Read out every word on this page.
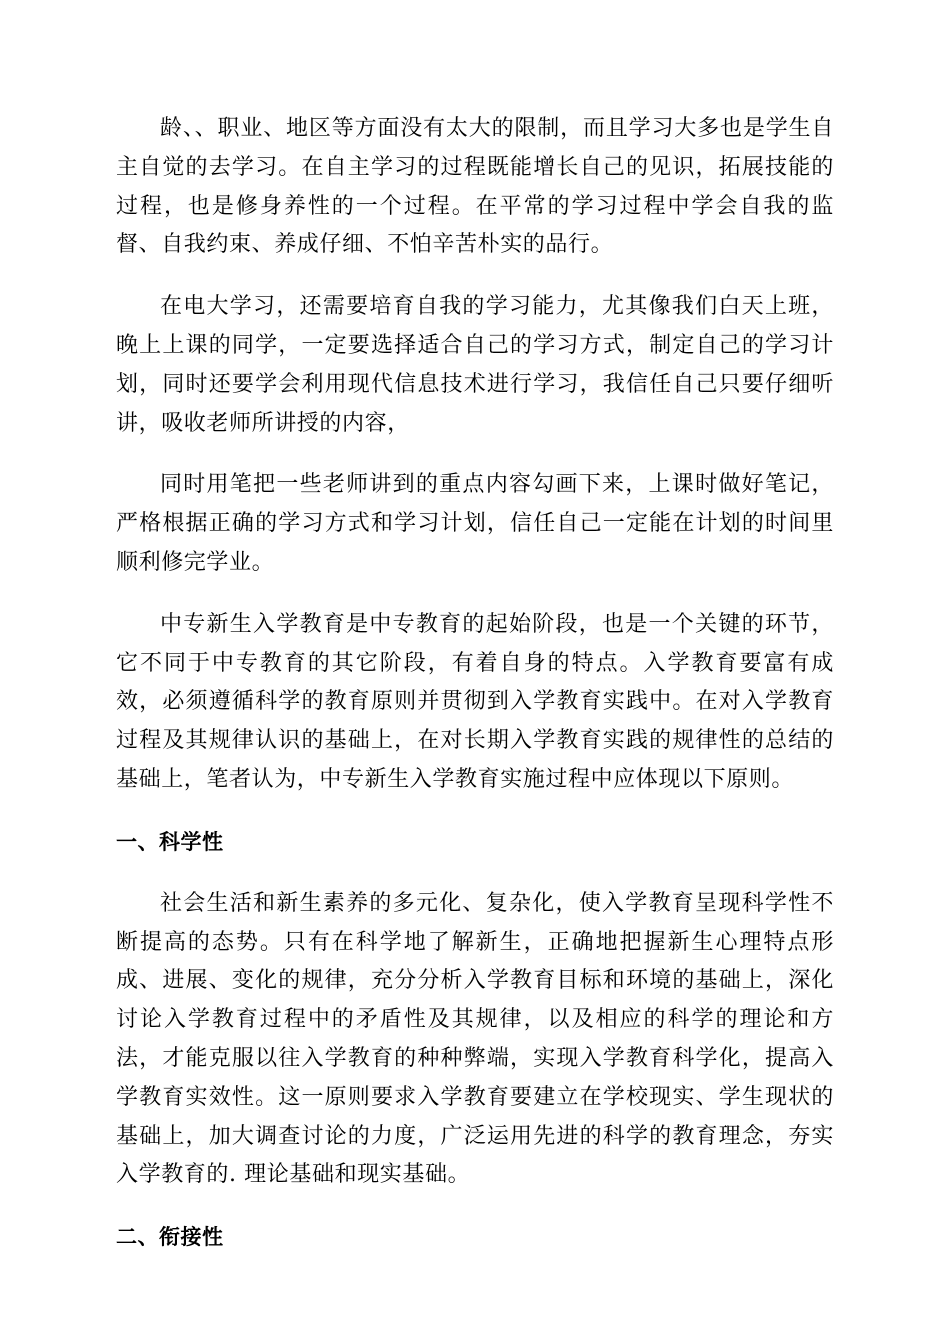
龄、、职业、地区等方面没有太大的限制，而且学习大多也是学生自主自觉的去学习。在自主学习的过程既能增长自己的见识，拓展技能的过程，也是修身养性的一个过程。在平常的学习过程中学会自我的监督、自我约束、养成仔细、不怕辛苦朴实的品行。

在电大学习，还需要培育自我的学习能力，尤其像我们白天上班，晚上上课的同学，一定要选择适合自己的学习方式，制定自己的学习计划，同时还要学会利用现代信息技术进行学习，我信任自己只要仔细听讲，吸收老师所讲授的内容，

同时用笔把一些老师讲到的重点内容勾画下来，上课时做好笔记，严格根据正确的学习方式和学习计划，信任自己一定能在计划的时间里顺利修完学业。

中专新生入学教育是中专教育的起始阶段，也是一个关键的环节，它不同于中专教育的其它阶段，有着自身的特点。入学教育要富有成效，必须遵循科学的教育原则并贯彻到入学教育实践中。在对入学教育过程及其规律认识的基础上，在对长期入学教育实践的规律性的总结的基础上，笔者认为，中专新生入学教育实施过程中应体现以下原则。

一、科学性

社会生活和新生素养的多元化、复杂化，使入学教育呈现科学性不断提高的态势。只有在科学地了解新生，正确地把握新生心理特点形成、进展、变化的规律，充分分析入学教育目标和环境的基础上，深化讨论入学教育过程中的矛盾性及其规律，以及相应的科学的理论和方法，才能克服以往入学教育的种种弊端，实现入学教育科学化，提高入学教育实效性。这一原则要求入学教育要建立在学校现实、学生现状的基础上，加大调查讨论的力度，广泛运用先进的科学的教育理念，夯实入学教育的. 理论基础和现实基础。

二、衔接性
